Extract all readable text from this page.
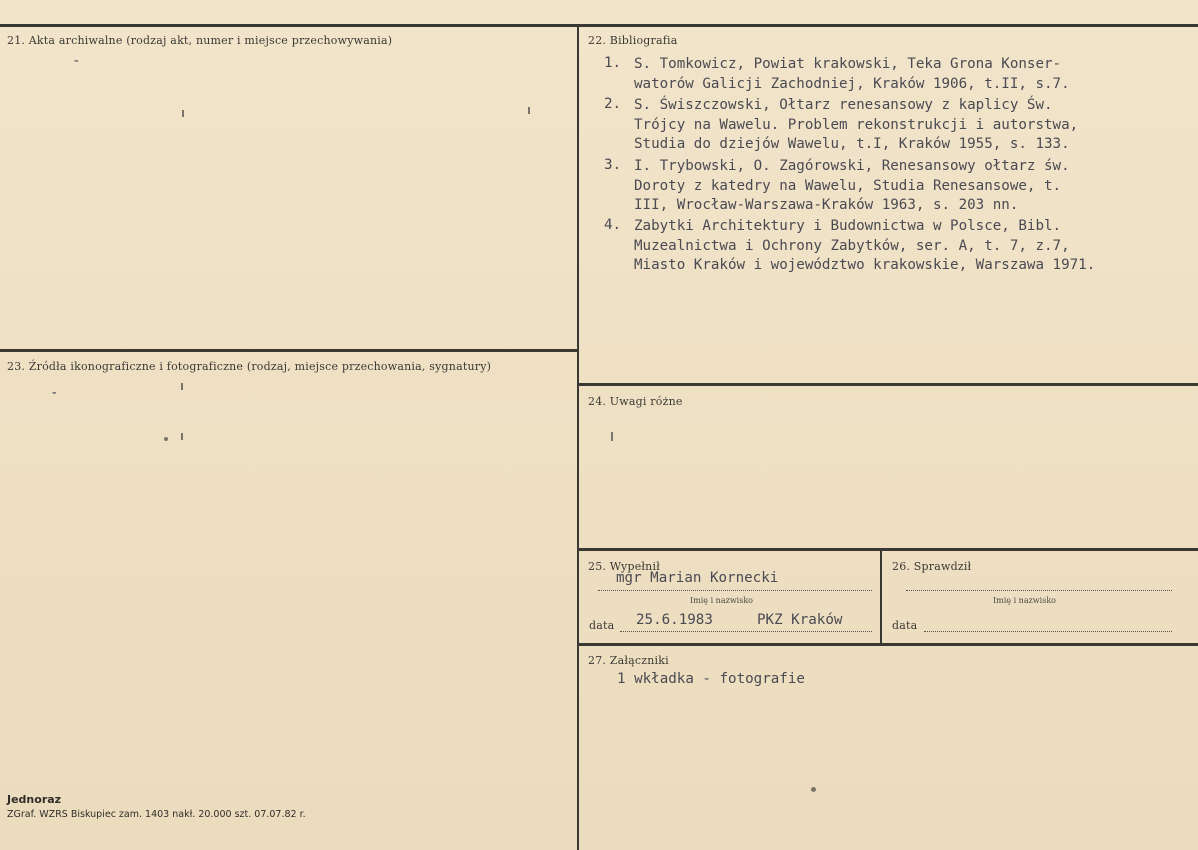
21. Akta archiwalne (rodzaj akt, numer i miejsce przechowywania)
-
22. Bibliografia
1. S. Tomkowicz, Powiat krakowski, Teka Grona Konser-
watorów Galicji Zachodniej, Kraków 1906, t.II, s.7.
2. S. Świszczowski, Ołtarz renesansowy z kaplicy Św.
Trójcy na Wawelu. Problem rekonstrukcji i autorstwa,
Studia do dziejów Wawelu, t.I, Kraków 1955, s. 133.
3. I. Trybowski, O. Zagórowski, Renesansowy ołtarz św.
Doroty z katedry na Wawelu, Studia Renesansowe, t.
III, Wrocław-Warszawa-Kraków 1963, s. 203 nn.
4. Zabytki Architektury i Budownictwa w Polsce, Bibl.
Muzealnictwa i Ochrony Zabytków, ser. A, t. 7, z.7,
Miasto Kraków i województwo krakowskie, Warszawa 1971.
23. Źródła ikonograficzne i fotograficzne (rodzaj, miejsce przechowania, sygnatury)
-
24. Uwagi różne
25. Wypełnił
mgr Marian Kornecki
Imię i nazwisko
data 25.6.1983	PKZ Kraków
26. Sprawdził
Imię i nazwisko
data
27. Załączniki
1 wkładka - fotografie
Jednoraz
ZGraf. WZRS Biskupiec zam. 1403 nakł. 20.000 szt. 07.07.82 r.
